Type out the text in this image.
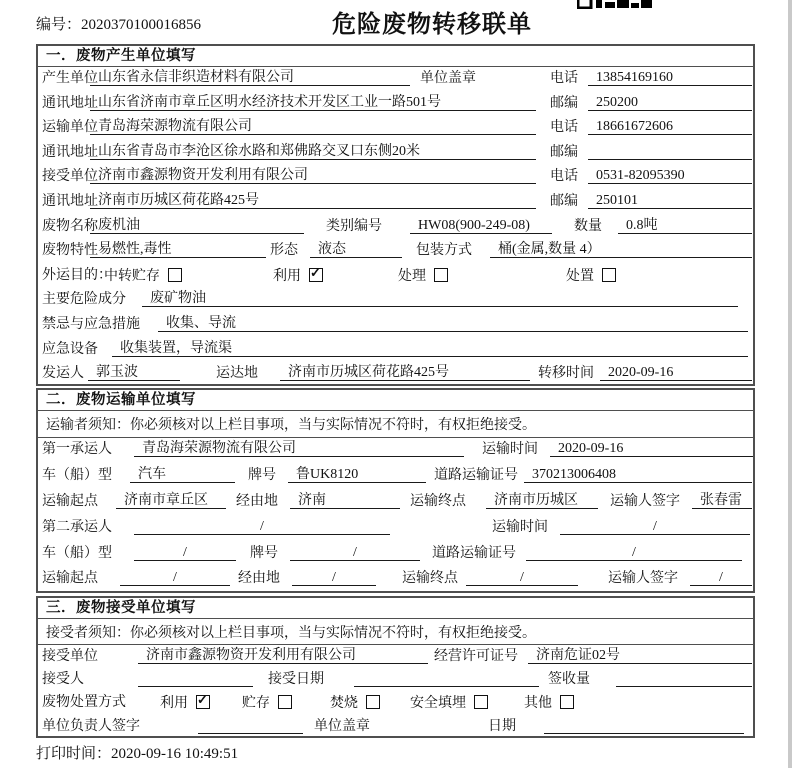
编号：2020370100016856	危险废物转移联单
一．废物产生单位填写
产生单位 山东省永信非织造材料有限公司	单位盖章	电话	13854169160
通讯地址 山东省济南市章丘区明水经济技术开发区工业一路501号	邮编	250200
运输单位 青岛海荣源物流有限公司	电话	18661672606
通讯地址 山东省青岛市李沧区徐水路和郑佛路交叉口东侧20米	邮编
接受单位 济南市鑫源物资开发利用有限公司	电话	0531-82095390
通讯地址 济南市历城区荷花路425号	邮编	250101
废物名称 废机油	类别编号	HW08(900-249-08)	数量	0.8吨
废物特性 易燃性,毒性	形态	液态	包装方式	桶(金属,数量 4）
外运目的：
中转贮存	利用 ✓	处理	处置
主要危险成分	废矿物油
禁忌与应急措施	收集、导流
应急设备	收集装置，导流渠
发运人 郭玉波	运达地	济南市历城区荷花路425号	转移时间	2020-09-16
二．废物运输单位填写
运输者须知：你必须核对以上栏目事项，当与实际情况不符时，有权拒绝接受。
第一承运人	青岛海荣源物流有限公司	运输时间	2020-09-16
车（船）型	汽车	牌号	鲁UK8120	道路运输证号	370213006408
运输起点	济南市章丘区	经由地	济南	运输终点	济南市历城区	运输人签字	张春雷
第二承运人	/	运输时间	/
车（船）型	/	牌号	/	道路运输证号	/
运输起点	/	经由地	/	运输终点	/	运输人签字	/
三．废物接受单位填写
接受者须知：你必须核对以上栏目事项，当与实际情况不符时，有权拒绝接受。
接受单位	济南市鑫源物资开发利用有限公司	经营许可证号	济南危证02号
接受人	接受日期	签收量
废物处置方式 利用 ✓	贮存	焚烧	安全填埋	其他
单位负责人签字	单位盖章	日期
打印时间：2020-09-16 10:49:51
